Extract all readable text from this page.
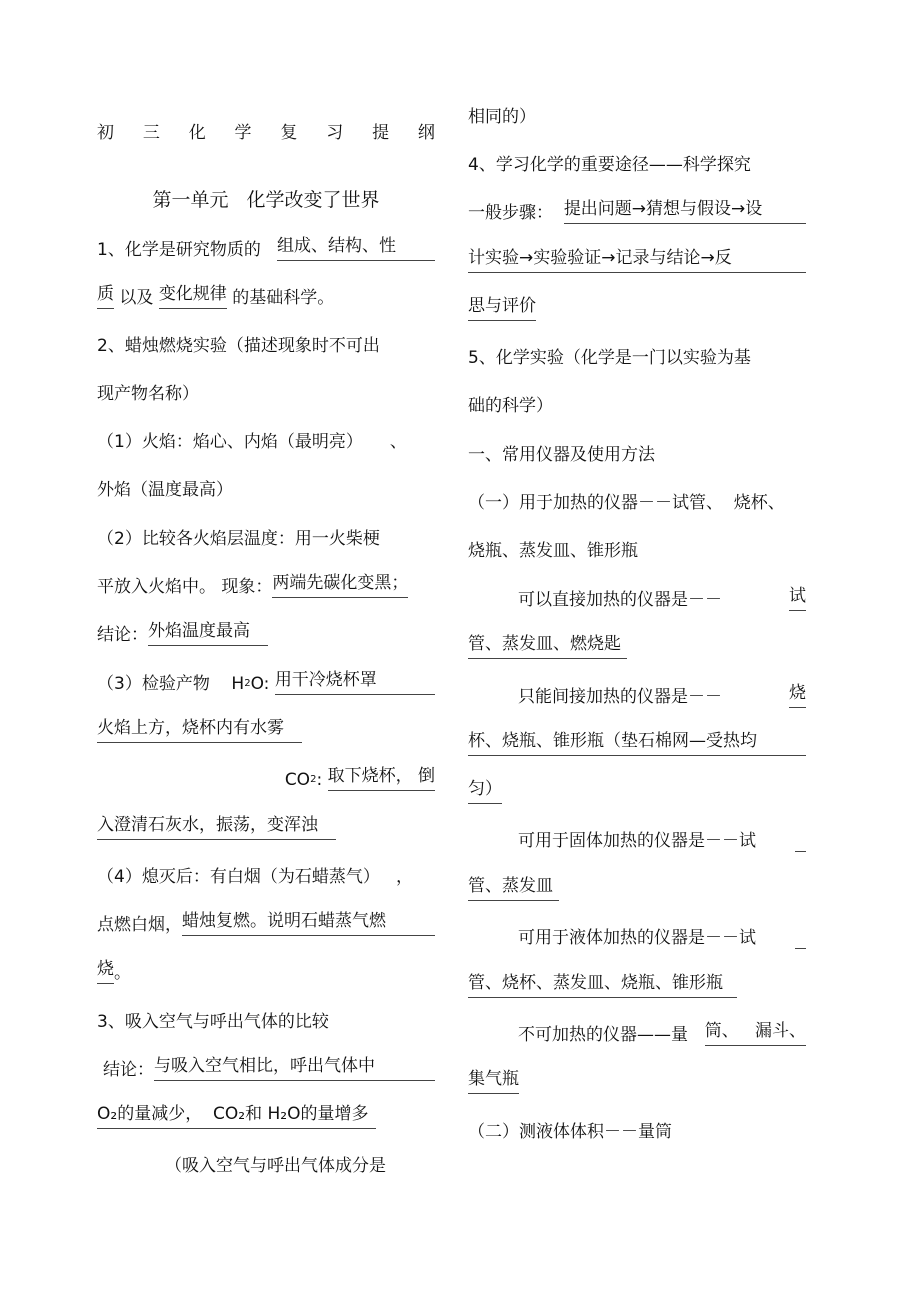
初 三 化 学 复 习 提 纲
第一单元   化学改变了世界
1、化学是研究物质的 组成、结构、性
质 以及 变化规律 的基础科学。
2、蜡烛燃烧实验（描述现象时不可出
现产物名称）
（1）火焰：焰心、内焰（最明亮）     、
外焰（温度最高）
（2）比较各火焰层温度：用一火柴梗
平放入火焰中。 现象： 两端先碳化变黑；
结论： 外焰温度最高
（3）检验产物    H 2 O: 用干冷烧杯罩
火焰上方，烧杯内有水雾
CO 2 : 取下烧杯， 倒
入澄清石灰水，振荡，变浑浊
（4）熄灭后：有白烟（为石蜡蒸气）   ，
点燃白烟， 蜡烛复燃。说明石蜡蒸气燃
烧 。
3、吸入空气与呼出气体的比较
结论： 与吸入空气相比，呼出气体中
O₂的量减少，  CO₂和 H₂O的量增多
（吸入空气与呼出气体成分是
相同的）
4、学习化学的重要途径——科学探究
一般步骤： 提出问题→猜想与假设→设
计实验→实验验证→记录与结论→反
思与评价
5、化学实验（化学是一门以实验为基
础的科学）
一、常用仪器及使用方法
（一）用于加热的仪器－－试管、  烧杯、
烧瓶、蒸发皿、锥形瓶
可以直接加热的仪器是－－	试
管、蒸发皿、燃烧匙
只能间接加热的仪器是－－	烧
杯、烧瓶、锥形瓶（垫石棉网—受热均
匀）
可用于固体加热的仪器是－－试

管、蒸发皿
可用于液体加热的仪器是－－试

管、烧杯、蒸发皿、烧瓶、锥形瓶
不可加热的仪器——量 筒、   漏斗、
集气瓶
（二）测液体体积－－量筒
